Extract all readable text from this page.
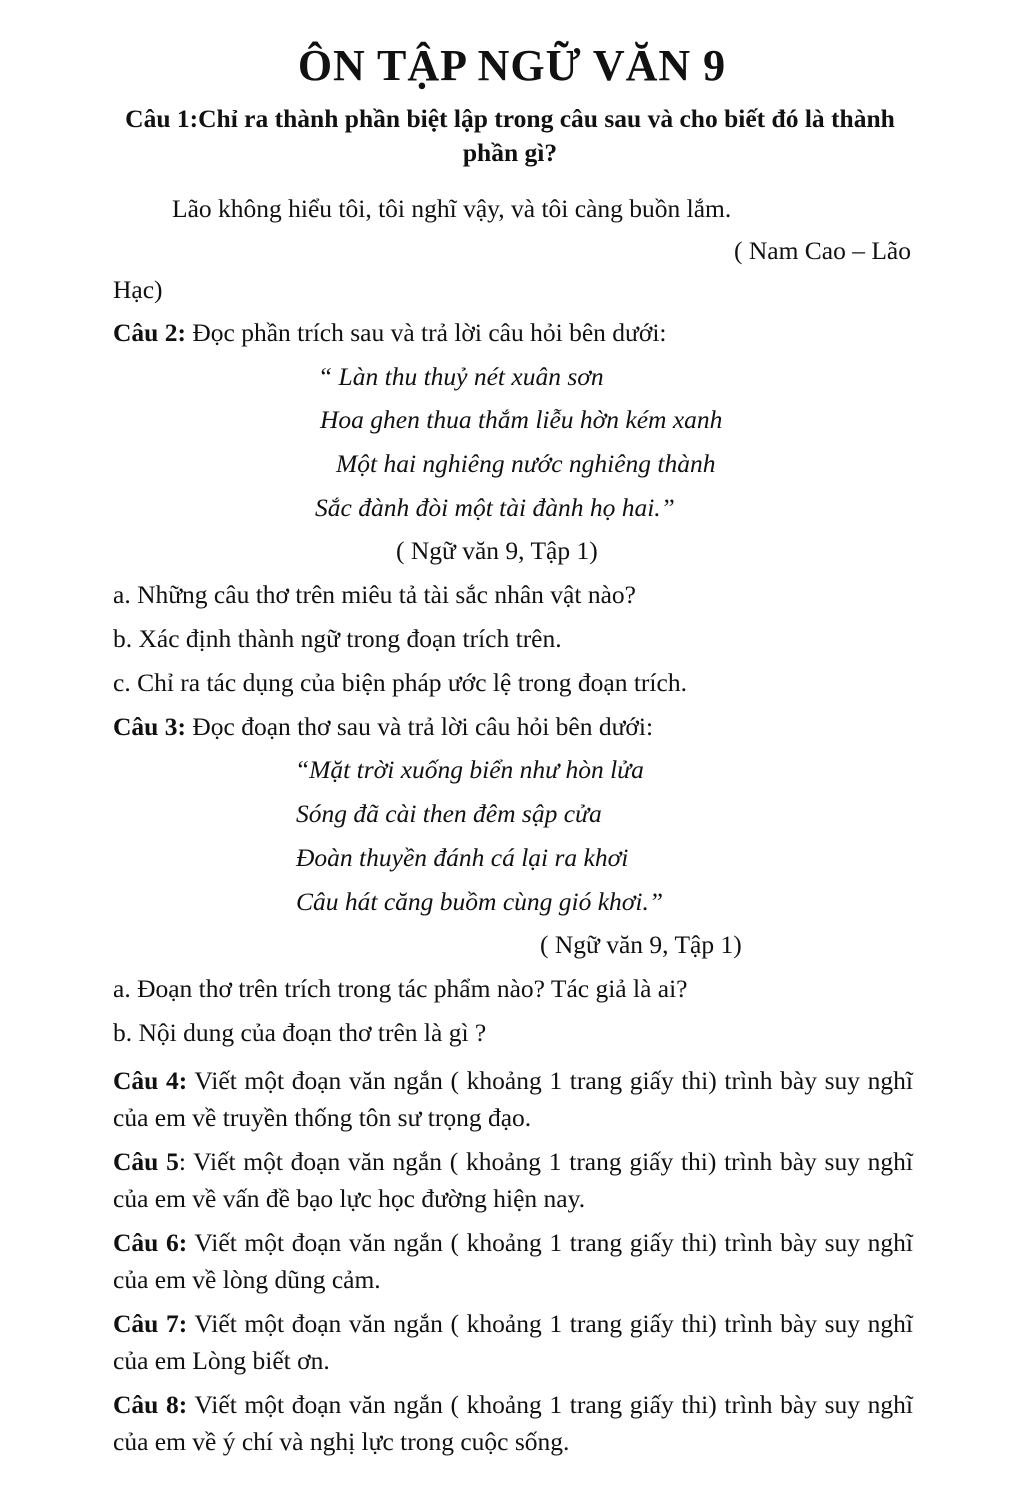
ÔN TẬP NGỮ VĂN 9
Câu 1:Chỉ ra thành phần biệt lập trong câu sau và cho biết đó là thành phần gì?
Lão không hiểu tôi, tôi nghĩ vậy, và tôi càng buồn lắm.
( Nam Cao – Lão
Hạc)
Câu 2: Đọc phần trích sau và trả lời câu hỏi bên dưới:
“ Làn thu thuỷ nét xuân sơn
Hoa ghen thua thắm liễu hờn kém xanh
Một hai nghiêng nước nghiêng thành
Sắc đành đòi một tài đành họ hai.”
( Ngữ văn 9, Tập 1)
a. Những câu thơ trên miêu tả tài sắc nhân vật nào?
b. Xác định thành ngữ trong đoạn trích trên.
c. Chỉ ra tác dụng của biện pháp ước lệ trong đoạn trích.
Câu 3: Đọc đoạn thơ sau và trả lời câu hỏi bên dưới:
“Mặt trời xuống biển như hòn lửa
Sóng đã cài then đêm sập cửa
Đoàn thuyền đánh cá lại ra khơi
Câu hát căng buồm cùng gió khơi.”
( Ngữ văn 9, Tập 1)
a. Đoạn thơ trên trích trong tác phẩm nào? Tác giả là ai?
b. Nội dung của đoạn thơ trên là gì ?
Câu 4: Viết một đoạn văn ngắn ( khoảng 1 trang giấy thi) trình bày suy nghĩ của em về truyền thống tôn sư trọng đạo.
Câu 5: Viết một đoạn văn ngắn ( khoảng 1 trang giấy thi) trình bày suy nghĩ của em về vấn đề bạo lực học đường hiện nay.
Câu 6: Viết một đoạn văn ngắn ( khoảng 1 trang giấy thi) trình bày suy nghĩ của em về lòng dũng cảm.
Câu 7: Viết một đoạn văn ngắn ( khoảng 1 trang giấy thi) trình bày suy nghĩ của em Lòng biết ơn.
Câu 8: Viết một đoạn văn ngắn ( khoảng 1 trang giấy thi) trình bày suy nghĩ của em về ý chí và nghị lực trong cuộc sống.
